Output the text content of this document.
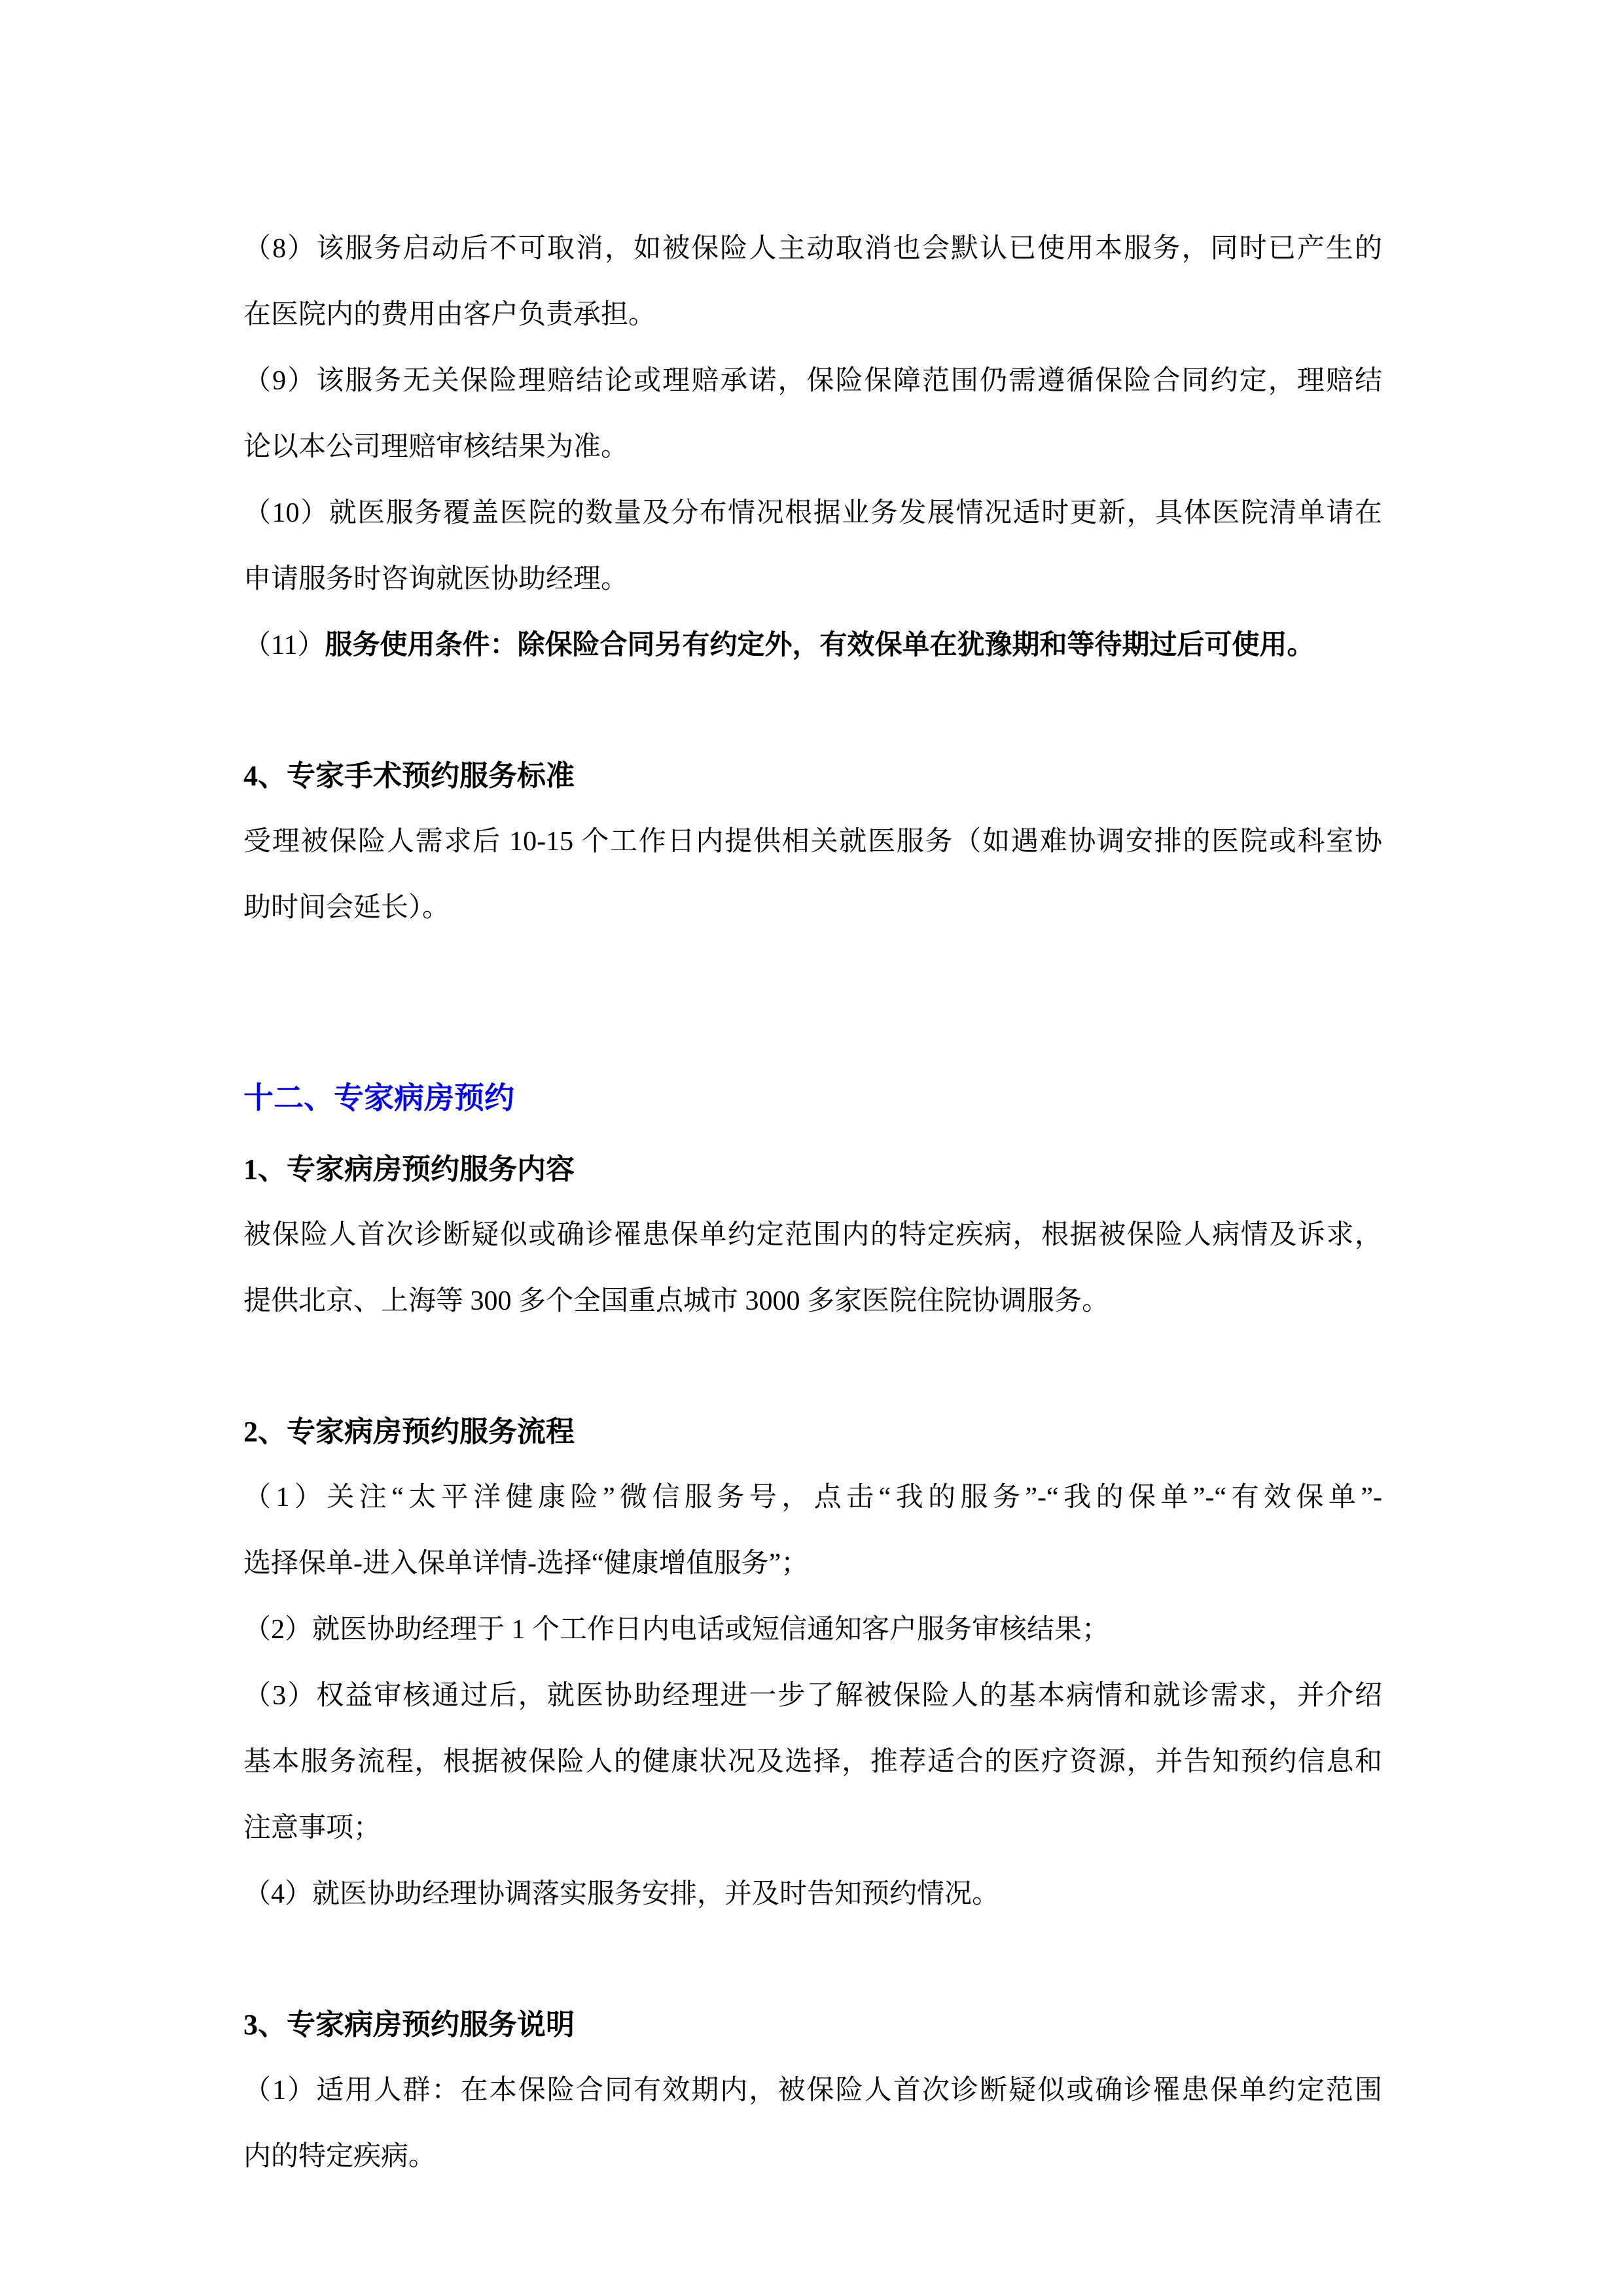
（8）该服务启动后不可取消，如被保险人主动取消也会默认已使用本服务，同时已产生的
在医院内的费用由客户负责承担。
（9）该服务无关保险理赔结论或理赔承诺，保险保障范围仍需遵循保险合同约定，理赔结
论以本公司理赔审核结果为准。
（10）就医服务覆盖医院的数量及分布情况根据业务发展情况适时更新，具体医院清单请在
申请服务时咨询就医协助经理。
（11）服务使用条件：除保险合同另有约定外，有效保单在犹豫期和等待期过后可使用。
4、专家手术预约服务标准
受理被保险人需求后 10-15 个工作日内提供相关就医服务（如遇难协调安排的医院或科室协
助时间会延长）。
十二、专家病房预约
1、专家病房预约服务内容
被保险人首次诊断疑似或确诊罹患保单约定范围内的特定疾病，根据被保险人病情及诉求，
提供北京、上海等 300 多个全国重点城市 3000 多家医院住院协调服务。
2、专家病房预约服务流程
（1）关注“太平洋健康险”微信服务号，点击“我的服务”-“我的保单”-“有效保单”-
选择保单-进入保单详情-选择“健康增值服务”；
（2）就医协助经理于 1 个工作日内电话或短信通知客户服务审核结果；
（3）权益审核通过后，就医协助经理进一步了解被保险人的基本病情和就诊需求，并介绍
基本服务流程，根据被保险人的健康状况及选择，推荐适合的医疗资源，并告知预约信息和
注意事项；
（4）就医协助经理协调落实服务安排，并及时告知预约情况。
3、专家病房预约服务说明
（1）适用人群：在本保险合同有效期内，被保险人首次诊断疑似或确诊罹患保单约定范围
内的特定疾病。
